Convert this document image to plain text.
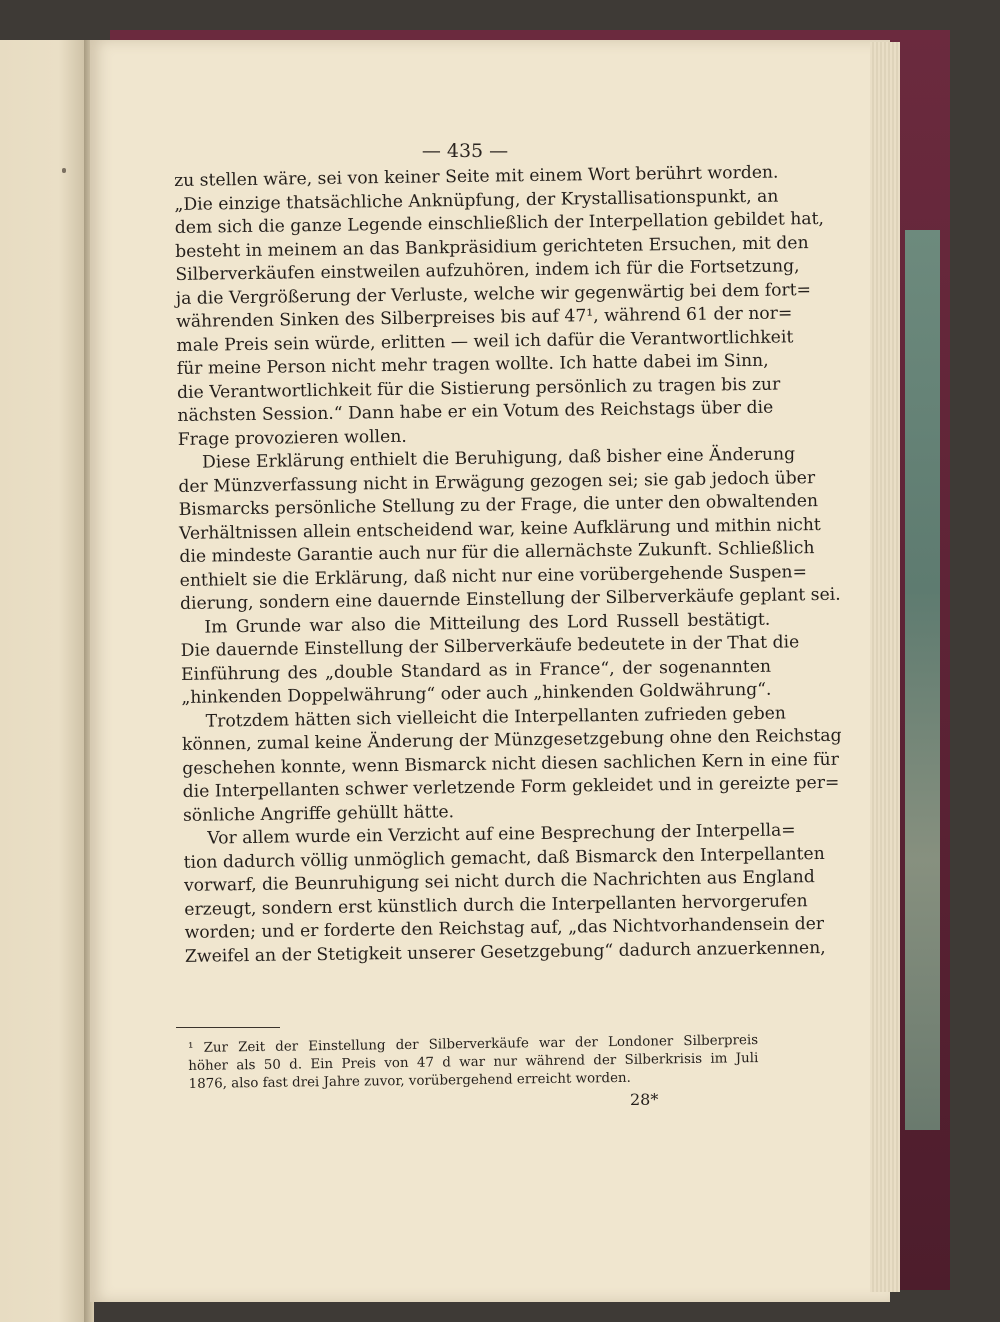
— 435 —
zu stellen wäre, sei von keiner Seite mit einem Wort berührt worden.
„Die einzige thatsächliche Anknüpfung, der Krystallisationspunkt, an
dem sich die ganze Legende einschließlich der Interpellation gebildet hat,
besteht in meinem an das Bankpräsidium gerichteten Ersuchen, mit den
Silberverkäufen einstweilen aufzuhören, indem ich für die Fortsetzung,
ja die Vergrößerung der Verluste, welche wir gegenwärtig bei dem fort=
währenden Sinken des Silberpreises bis auf 47¹, während 61 der nor=
male Preis sein würde, erlitten — weil ich dafür die Verantwortlichkeit
für meine Person nicht mehr tragen wollte. Ich hatte dabei im Sinn,
die Verantwortlichkeit für die Sistierung persönlich zu tragen bis zur
nächsten Session.“ Dann habe er ein Votum des Reichstags über die
Frage provozieren wollen.
Diese Erklärung enthielt die Beruhigung, daß bisher eine Änderung
der Münzverfassung nicht in Erwägung gezogen sei; sie gab jedoch über
Bismarcks persönliche Stellung zu der Frage, die unter den obwaltenden
Verhältnissen allein entscheidend war, keine Aufklärung und mithin nicht
die mindeste Garantie auch nur für die allernächste Zukunft. Schließlich
enthielt sie die Erklärung, daß nicht nur eine vorübergehende Suspen=
dierung, sondern eine dauernde Einstellung der Silberverkäufe geplant sei.
Im Grunde war also die Mitteilung des Lord Russell bestätigt.
Die dauernde Einstellung der Silberverkäufe bedeutete in der That die
Einführung des „double Standard as in France“, der sogenannten
„hinkenden Doppelwährung“ oder auch „hinkenden Goldwährung“.
Trotzdem hätten sich vielleicht die Interpellanten zufrieden geben
können, zumal keine Änderung der Münzgesetzgebung ohne den Reichstag
geschehen konnte, wenn Bismarck nicht diesen sachlichen Kern in eine für
die Interpellanten schwer verletzende Form gekleidet und in gereizte per=
sönliche Angriffe gehüllt hätte.
Vor allem wurde ein Verzicht auf eine Besprechung der Interpella=
tion dadurch völlig unmöglich gemacht, daß Bismarck den Interpellanten
vorwarf, die Beunruhigung sei nicht durch die Nachrichten aus England
erzeugt, sondern erst künstlich durch die Interpellanten hervorgerufen
worden; und er forderte den Reichstag auf, „das Nichtvorhandensein der
Zweifel an der Stetigkeit unserer Gesetzgebung“ dadurch anzuerkennen,
¹ Zur Zeit der Einstellung der Silberverkäufe war der Londoner Silberpreis
höher als 50 d. Ein Preis von 47 d war nur während der Silberkrisis im Juli
1876, also fast drei Jahre zuvor, vorübergehend erreicht worden.
28*
